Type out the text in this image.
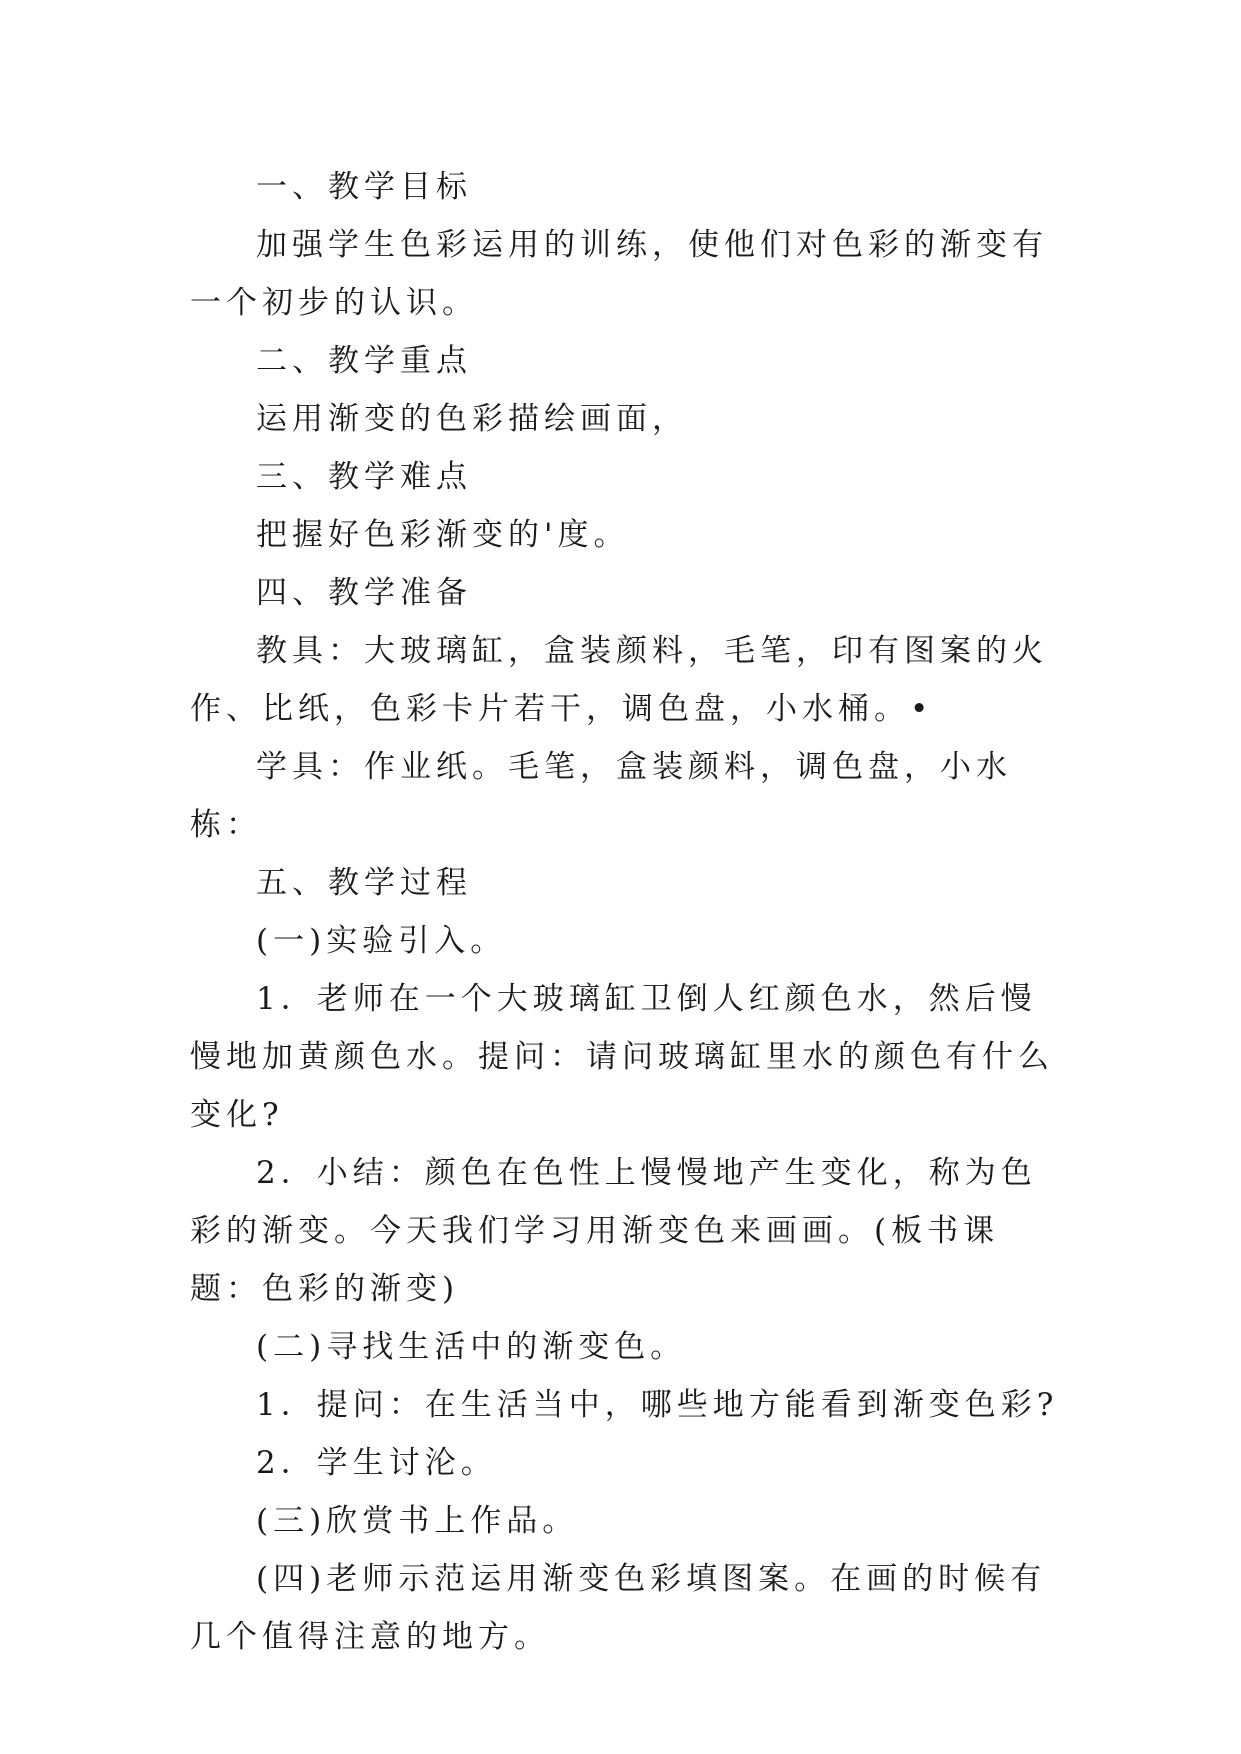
一、教学目标

加强学生色彩运用的训练，使他们对色彩的渐变有一个初步的认识。

二、教学重点

运用渐变的色彩描绘画面，

三、教学难点

把握好色彩渐变的'度。

四、教学准备

教具：大玻璃缸，盒装颜料，毛笔，印有图案的火作、比纸，色彩卡片若干，调色盘，小水桶。•

学具：作业纸。毛笔，盒装颜料，调色盘，小水栋：

五、教学过程

(一)实验引入。

1．老师在一个大玻璃缸卫倒人红颜色水，然后慢慢地加黄颜色水。提问：请问玻璃缸里水的颜色有什么变化?

2．小结：颜色在色性上慢慢地产生变化，称为色彩的渐变。今天我们学习用渐变色来画画。(板书课题：色彩的渐变)

(二)寻找生活中的渐变色。

1．提问：在生活当中，哪些地方能看到渐变色彩?

2．学生讨沦。

(三)欣赏书上作品。

(四)老师示范运用渐变色彩填图案。在画的时候有几个值得注意的地方。
